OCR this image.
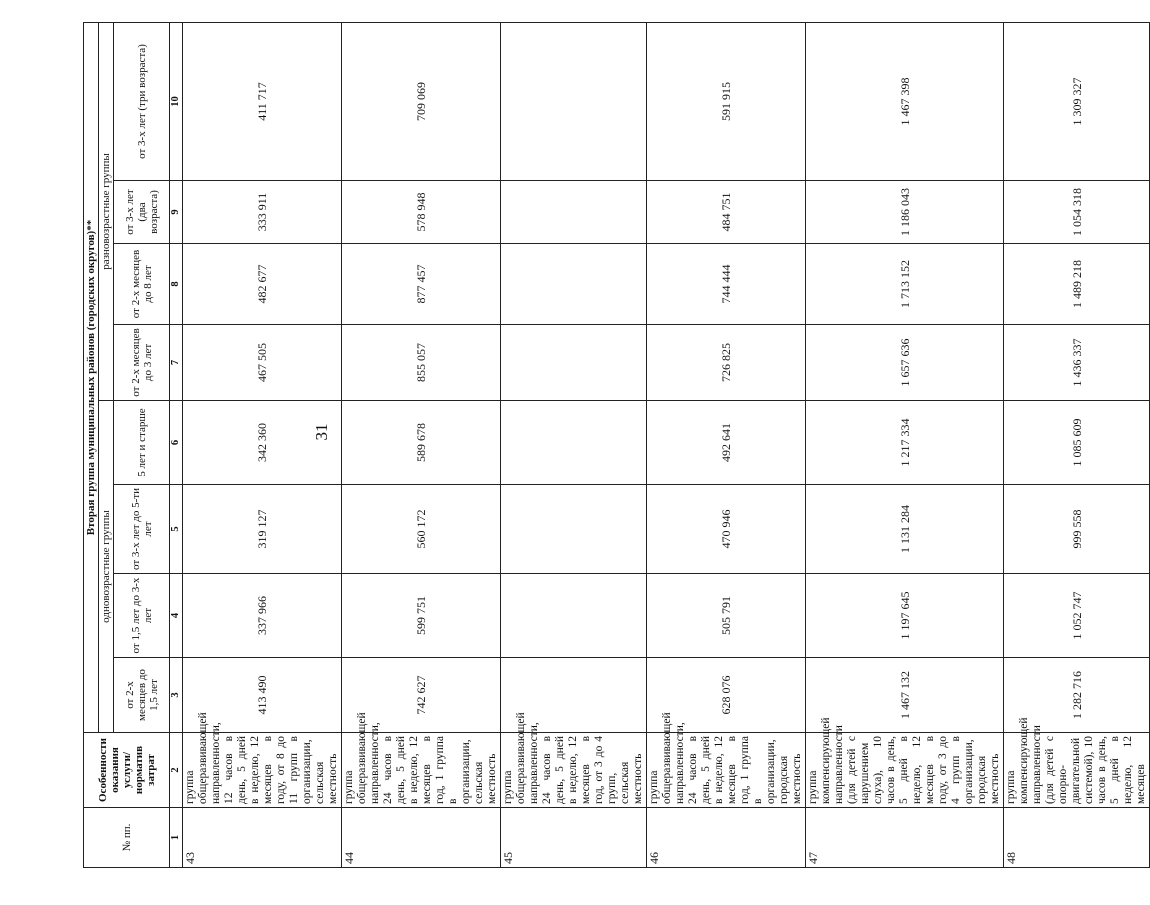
31
№ пп.	Особенности оказания услуги/норматив затрат	Вторая группа муниципальных районов (городских округов)**							
		одновозрастные группы				разновозрастные группы			
		от 2-х месяцев до 1,5 лет	от 1,5 лет до 3-х лет	от 3-х лет до 5-ти лет	5 лет и старше	от 2-х месяцев до 3 лет	от 2-х месяцев до 8 лет	от 3-х лет (два возраста)	от 3-х лет (три возраста)
1	2	3	4	5	6	7	8	9	10
43	группа общеразвивающей направленности, 12 часов в день, 5 дней в неделю, 12 месяцев в году, от 8 до 11 групп в организации, сельская местность	413 490	337 966	319 127	342 360	467 505	482 677	333 911	411 717
44	группа общеразвивающей направленности, 24 часов в день, 5 дней в неделю, 12 месяцев в год, 1 группа в организации, сельская местность	742 627	599 751	560 172	589 678	855 057	877 457	578 948	709 069
45	группа общеразвивающей направленности, 24 часов в день, 5 дней в неделю, 12 месяцев в год, от 3 до 4 групп, сельская местность								
46	группа общеразвивающей направленности, 24 часов в день, 5 дней в неделю, 12 месяцев в год, 1 группа в организации, городская местность	628 076	505 791	470 946	492 641	726 825	744 444	484 751	591 915
47	группа компенсирующей направленности (для детей с нарушением слуха), 10 часов в день, 5 дней в неделю, 12 месяцев в году, от 3 до 4 групп в организации, городская местность	1 467 132	1 197 645	1 131 284	1 217 334	1 657 636	1 713 152	1 186 043	1 467 398
48	группа компенсирующей направленности (для детей с опорно-двигательной системой), 10 часов в день, 5 дней в неделю, 12 месяцев	1 282 716	1 052 747	999 558	1 085 609	1 436 337	1 489 218	1 054 318	1 309 327
